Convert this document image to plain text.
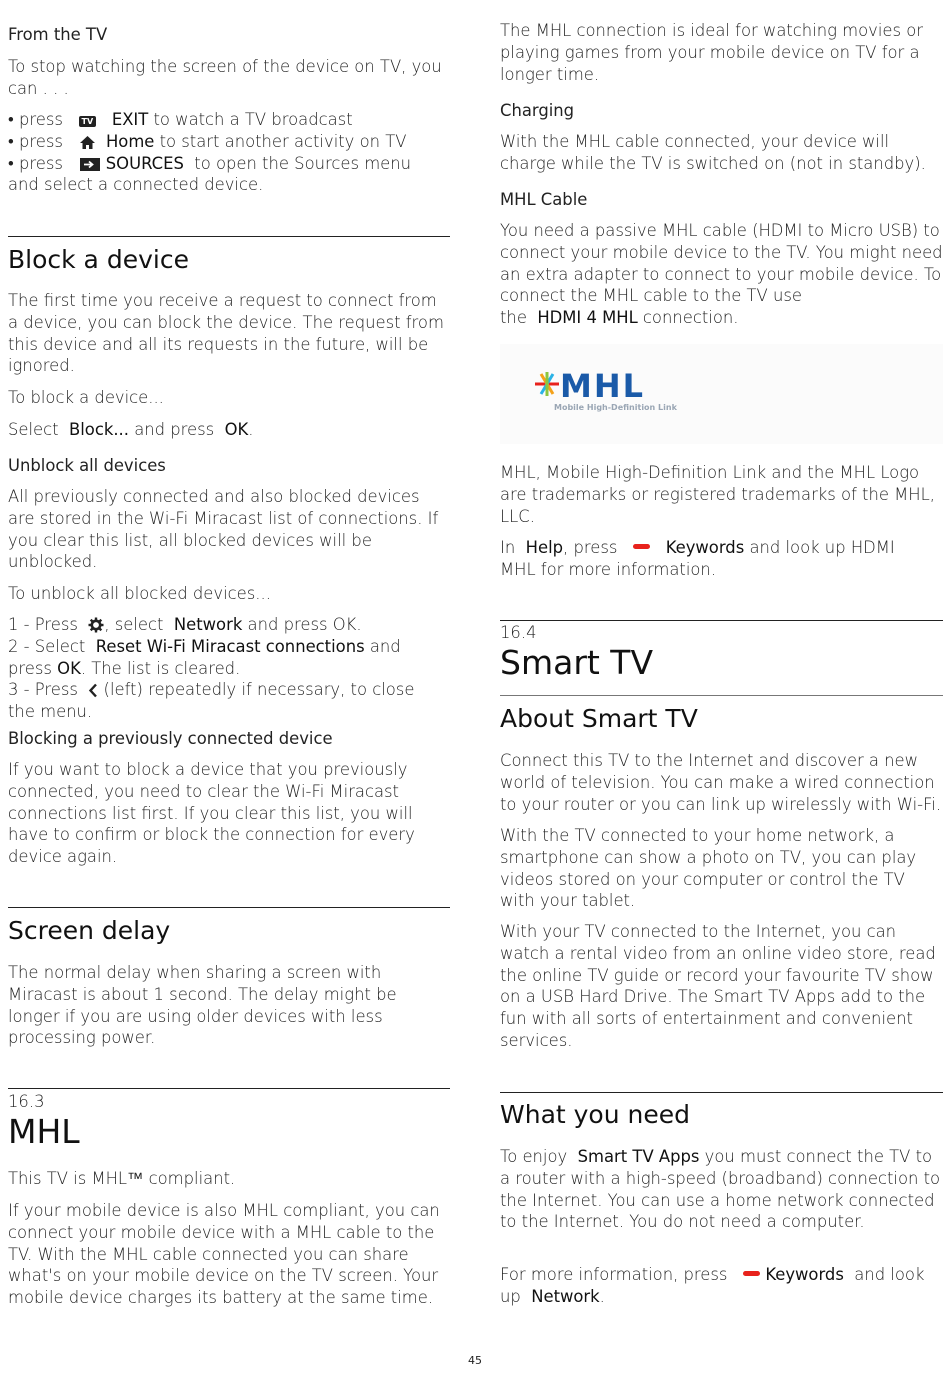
From the TV

To stop watching the screen of the device on TV, you can . . .

• press TV EXIT to watch a TV broadcast
• press	Home to start another activity on TV
• press	SOURCES to open the Sources menu
and select a connected device.
Block a device

The first time you receive a request to connect from a device, you can block the device. The request from this device and all its requests in the future, will be ignored.

To block a device...

Select Block... and press OK.

Unblock all devices

All previously connected and also blocked devices are stored in the Wi-Fi Miracast list of connections. If you clear this list, all blocked devices will be unblocked.

To unblock all blocked devices...

1 - Press , select Network and press OK.
2 - Select Reset Wi-Fi Miracast connections and
press OK. The list is cleared.
3 - Press (left) repeatedly if necessary, to close
the menu.

Blocking a previously connected device

If you want to block a device that you previously connected, you need to clear the Wi-Fi Miracast connections list first. If you clear this list, you will have to confirm or block the connection for every device again.

Screen delay

The normal delay when sharing a screen with Miracast is about 1 second. The delay might be longer if you are using older devices with less processing power.

16.3
MHL

This TV is MHL™ compliant.

If your mobile device is also MHL compliant, you can connect your mobile device with a MHL cable to the TV. With the MHL cable connected you can share what's on your mobile device on the TV screen. Your mobile device charges its battery at the same time.

The MHL connection is ideal for watching movies or playing games from your mobile device on TV for a longer time.

Charging

With the MHL cable connected, your device will charge while the TV is switched on (not in standby).

MHL Cable

You need a passive MHL cable (HDMI to Micro USB) to connect your mobile device to the TV. You might need an extra adapter to connect to your mobile device. To connect the MHL cable to the TV use

the HDMI 4 MHL connection.
MHL
Mobile High-Definition Link

MHL, Mobile High-Definition Link and the MHL Logo are trademarks or registered trademarks of the MHL, LLC.

In Help, press	Keywords and look up HDMI
MHL for more information.
16.4
Smart TV
About Smart TV

Connect this TV to the Internet and discover a new world of television. You can make a wired connection to your router or you can link up wirelessly with Wi-Fi.

With the TV connected to your home network, a smartphone can show a photo on TV, you can play videos stored on your computer or control the TV with your tablet.

With your TV connected to the Internet, you can watch a rental video from an online video store, read the online TV guide or record your favourite TV show on a USB Hard Drive. The Smart TV Apps add to the fun with all sorts of entertainment and convenient services.

What you need

To enjoy Smart TV Apps you must connect the TV to a router with a high-speed (broadband) connection to the Internet. You can use a home network connected to the Internet. You do not need a computer.

For more information, press Keywords and look
up Network.
45
